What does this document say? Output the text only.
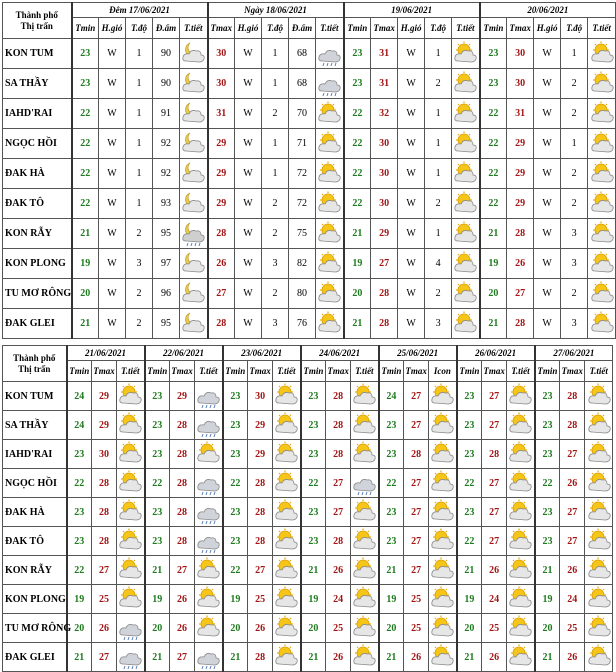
Thành phố
Thị trấn	Đêm 17/06/2021					Ngày 18/06/2021					19/06/2021					20/06/2021				
	Tmin	H.gió	T.độ	Đ.ẩm	T.tiết	Tmax	H.gió	T.độ	Đ.ẩm	T.tiết	Tmin	Tmax	H.gió	T.độ	T.tiết	Tmin	Tmax	H.gió	T.độ	T.tiết
KON TUM	23	W	1	90		30	W	1	68		23	31	W	1		23	30	W	1	

SA THẦY	23	W	1	90		30	W	1	68		23	31	W	2		23	30	W	2	

IAHD'RAI	22	W	1	91		31	W	2	70		22	32	W	1		22	31	W	2	

NGỌC HỒI	22	W	1	92		29	W	1	71		22	30	W	1		22	29	W	1	

ĐAK HÀ	22	W	1	92		29	W	1	72		22	30	W	1		22	29	W	2	

ĐAK TÔ	22	W	1	93		29	W	2	72		22	30	W	2		22	29	W	2	

KON RẪY	21	W	2	95		28	W	2	75		21	29	W	1		21	28	W	3	

KON PLONG	19	W	3	97		26	W	3	82		19	27	W	4		19	26	W	3	

TU MƠ RÔNG	20	W	2	96		27	W	2	80		20	28	W	2		20	27	W	2	

ĐAK GLEI	21	W	2	95		28	W	3	76		21	28	W	3		21	28	W	3	
Thành phố
Thị trấn	21/06/2021			22/06/2021			23/06/2021			24/06/2021			25/06/2021			26/06/2021			27/06/2021		
	Tmin	Tmax	T.tiết	Tmin	Tmax	T.tiết	Tmin	Tmax	T.tiết	Tmin	Tmax	T.tiết	Tmin	Tmax	Icon	Tmin	Tmax	T.tiết	Tmin	Tmax	T.tiết
KON TUM	24	29		23	29		23	30		23	28		24	27		23	27		23	28	

SA THẦY	24	29		23	28		23	29		23	28		23	27		23	27		23	28	

IAHD'RAI	23	30		23	28		23	29		23	28		23	28		23	28		23	27	

NGỌC HỒI	22	28		22	28		22	28		22	27		22	27		22	27		22	26	

ĐAK HÀ	23	28		23	28		23	28		23	27		23	27		23	27		23	27	

ĐAK TÔ	23	28		23	28		23	28		23	28		23	27		22	27		23	27	

KON RẪY	22	27		21	27		22	27		21	26		21	27		21	26		21	26	

KON PLONG	19	25		19	26		19	25		19	24		19	25		19	24		19	24	

TU MƠ RÔNG	20	26		20	26		20	26		20	25		20	25		20	25		20	25	

ĐAK GLEI	21	27		21	27		21	28		21	26		21	26		21	26		21	26	
